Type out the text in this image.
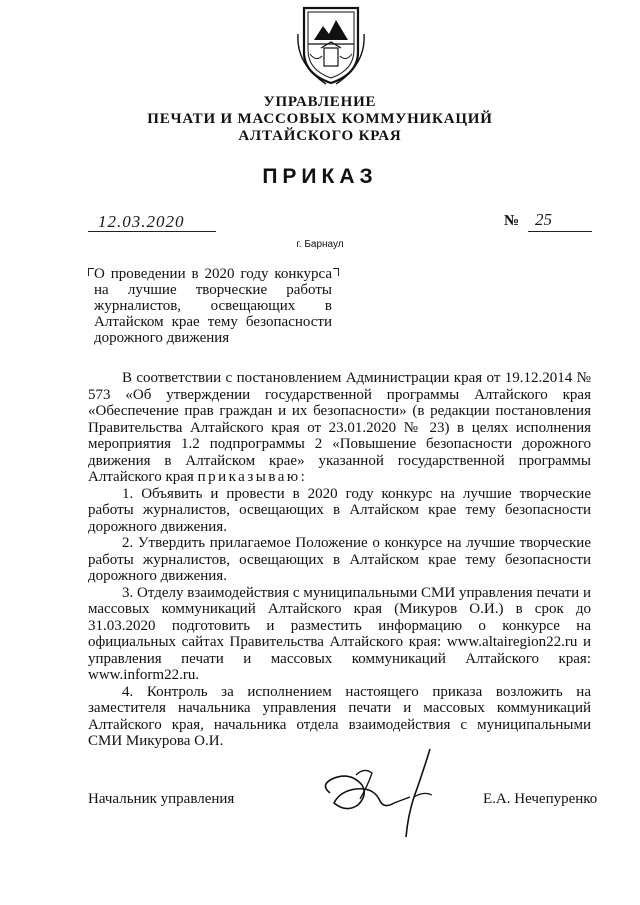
УПРАВЛЕНИЕ
ПЕЧАТИ И МАССОВЫХ КОММУНИКАЦИЙ
АЛТАЙСКОГО КРАЯ
ПРИКАЗ
12.03.2020	№ 25
г. Барнаул
О проведении в 2020 году конкурса на лучшие творческие работы журналистов, освещающих в Алтайском крае тему безопасности дорожного движения

В соответствии с постановлением Администрации края от 19.12.2014 № 573 «Об утверждении государственной программы Алтайского края «Обеспечение прав граждан и их безопасности» (в редакции постановления Правительства Алтайского края от 23.01.2020 № 23) в целях исполнения мероприятия 1.2 подпрограммы 2 «Повышение безопасности дорожного движения в Алтайском крае» указанной государственной программы Алтайского края приказываю:

1. Объявить и провести в 2020 году конкурс на лучшие творческие работы журналистов, освещающих в Алтайском крае тему безопасности дорожного движения.

2. Утвердить прилагаемое Положение о конкурсе на лучшие творческие работы журналистов, освещающих в Алтайском крае тему безопасности дорожного движения.

3. Отделу взаимодействия с муниципальными СМИ управления печати и массовых коммуникаций Алтайского края (Микуров О.И.) в срок до 31.03.2020 подготовить и разместить информацию о конкурсе на официальных сайтах Правительства Алтайского края: www.altairegion22.ru и управления печати и массовых коммуникаций Алтайского края: www.inform22.ru.

4. Контроль за исполнением настоящего приказа возложить на заместителя начальника управления печати и массовых коммуникаций Алтайского края, начальника отдела взаимодействия с муниципальными СМИ Микурова О.И.

Начальник управления	Е.А. Нечепуренко
